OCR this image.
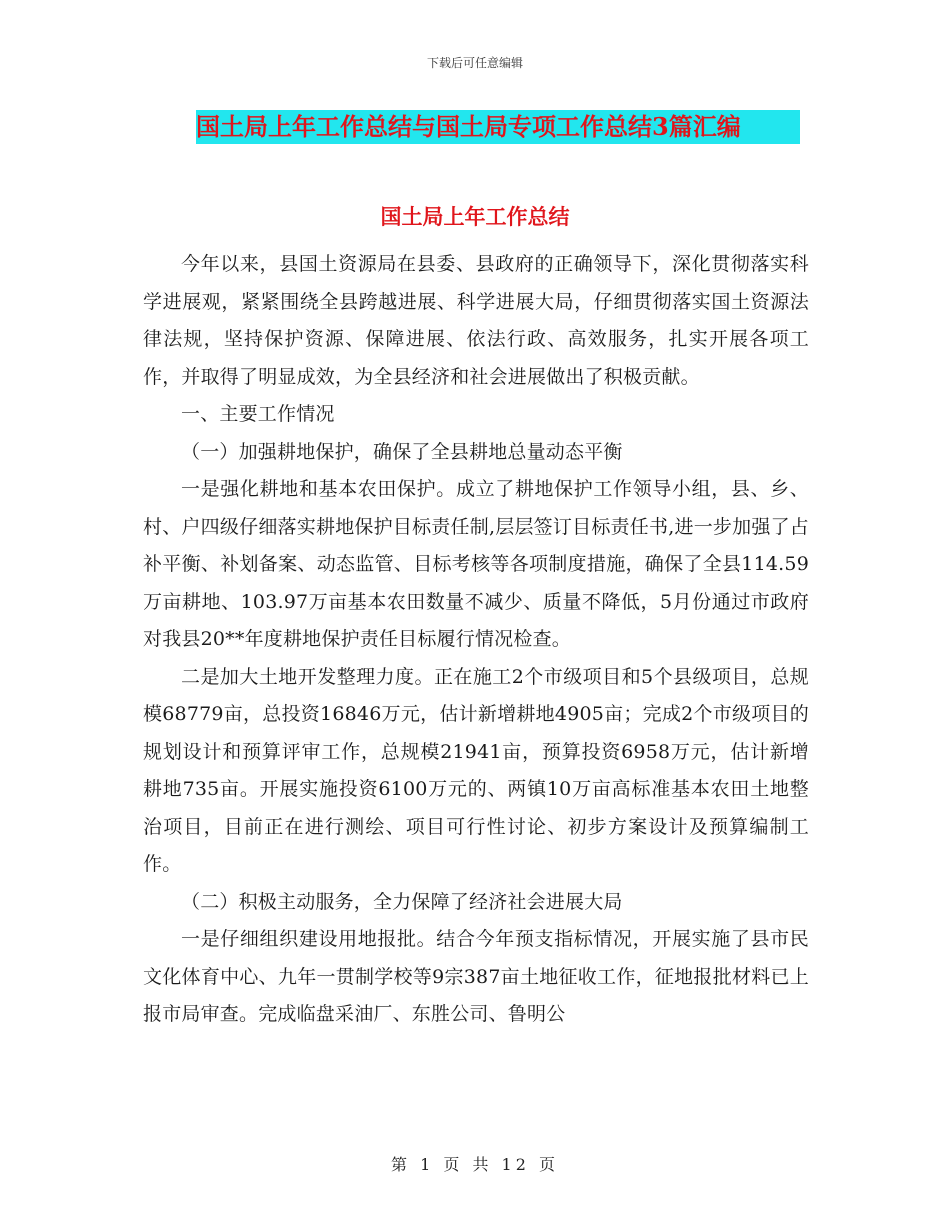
下载后可任意编辑
国土局上年工作总结与国土局专项工作总结3篇汇编
国土局上年工作总结

今年以来，县国土资源局在县委、县政府的正确领导下，深化贯彻落实科学进展观，紧紧围绕全县跨越进展、科学进展大局，仔细贯彻落实国土资源法律法规，坚持保护资源、保障进展、依法行政、高效服务，扎实开展各项工作，并取得了明显成效，为全县经济和社会进展做出了积极贡献。

一、主要工作情况

（一）加强耕地保护，确保了全县耕地总量动态平衡

一是强化耕地和基本农田保护。成立了耕地保护工作领导小组，县、乡、村、户四级仔细落实耕地保护目标责任制,层层签订目标责任书,进一步加强了占补平衡、补划备案、动态监管、目标考核等各项制度措施，确保了全县114.59万亩耕地、103.97万亩基本农田数量不减少、质量不降低，5月份通过市政府对我县20**年度耕地保护责任目标履行情况检查。

二是加大土地开发整理力度。正在施工2个市级项目和5个县级项目，总规模68779亩，总投资16846万元，估计新增耕地4905亩；完成2个市级项目的规划设计和预算评审工作，总规模21941亩，预算投资6958万元，估计新增耕地735亩。开展实施投资6100万元的、两镇10万亩高标准基本农田土地整治项目，目前正在进行测绘、项目可行性讨论、初步方案设计及预算编制工作。

（二）积极主动服务，全力保障了经济社会进展大局

一是仔细组织建设用地报批。结合今年预支指标情况，开展实施了县市民文化体育中心、九年一贯制学校等9宗387亩土地征收工作，征地报批材料已上报市局审查。完成临盘采油厂、东胜公司、鲁明公

第 1 页 共 12 页
